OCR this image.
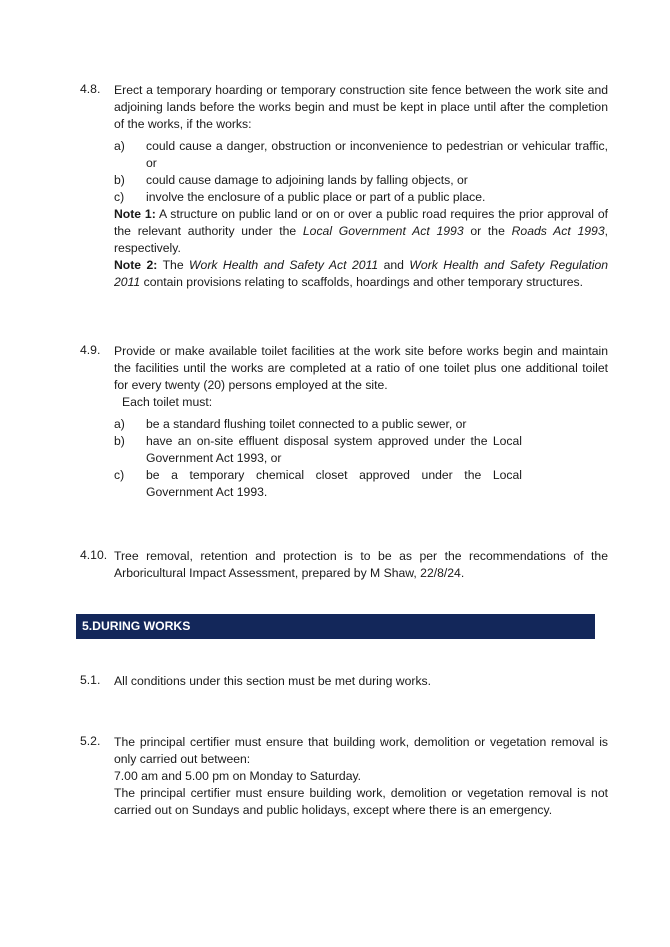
4.8.	Erect a temporary hoarding or temporary construction site fence between the work site and adjoining lands before the works begin and must be kept in place until after the completion of the works, if the works:

a) could cause a danger, obstruction or inconvenience to pedestrian or vehicular traffic, or
b) could cause damage to adjoining lands by falling objects, or
c) involve the enclosure of a public place or part of a public place.

Note 1: A structure on public land or on or over a public road requires the prior approval of the relevant authority under the Local Government Act 1993 or the Roads Act 1993, respectively.

Note 2: The Work Health and Safety Act 2011 and Work Health and Safety Regulation 2011 contain provisions relating to scaffolds, hoardings and other temporary structures.

4.9.	Provide or make available toilet facilities at the work site before works begin and maintain the facilities until the works are completed at a ratio of one toilet plus one additional toilet for every twenty (20) persons employed at the site.

Each toilet must:

a) be a standard flushing toilet connected to a public sewer, or
b) have an on-site effluent disposal system approved under the Local Government Act 1993, or
c) be a temporary chemical closet approved under the Local Government Act 1993.
4.10. Tree removal, retention and protection is to be as per the recommendations of the Arboricultural Impact Assessment, prepared by M Shaw, 22/8/24.

5.DURING WORKS
5.1.	All conditions under this section must be met during works.

5.2.	The principal certifier must ensure that building work, demolition or vegetation removal is only carried out between:

7.00 am and 5.00 pm on Monday to Saturday.

The principal certifier must ensure building work, demolition or vegetation removal is not carried out on Sundays and public holidays, except where there is an emergency.
